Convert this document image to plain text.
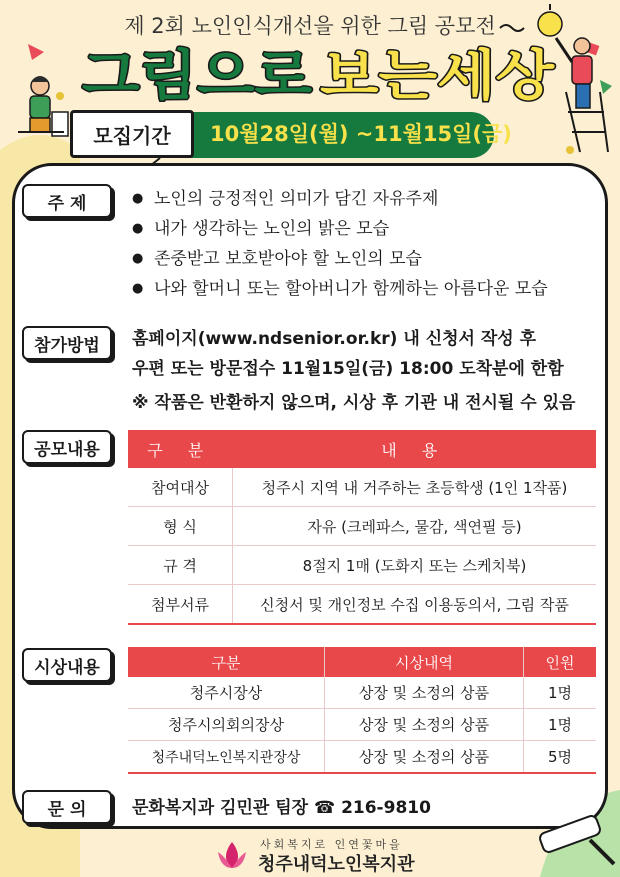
제 2회 노인인식개선을 위한 그림 공모전
그림으로 보는세상
모집기간	10월28일(월) ~11월15일(금)
주 제	● 노인의 긍정적인 의미가 담긴 자유주제
● 내가 생각하는 노인의 밝은 모습
● 존중받고 보호받아야 할 노인의 모습
● 나와 할머니 또는 할아버니가 함께하는 아름다운 모습
참가방법	홈페이지(www.ndsenior.or.kr) 내 신청서 작성 후
우편 또는 방문접수 11월15일(금) 18:00 도착분에 한함
※ 작품은 반환하지 않으며, 시상 후 기관 내 전시될 수 있음
공모내용	구 분	내 용
참여대상	청주시 지역 내 거주하는 초등학생 (1인 1작품)
형 식	자유 (크레파스, 물감, 색연필 등)
규 격	8절지 1매 (도화지 또는 스케치북)
첨부서류	신청서 및 개인정보 수집 이용동의서, 그림 작품
시상내용	구분	시상내역	인원
청주시장상	상장 및 소정의 상품	1명
청주시의회의장상	상장 및 소정의 상품	1명
청주내덕노인복지관장상	상장 및 소정의 상품	5명
문 의	문화복지과 김민관 팀장 ☎ 216-9810
사회복지로 인연꽃마을
청주내덕노인복지관
